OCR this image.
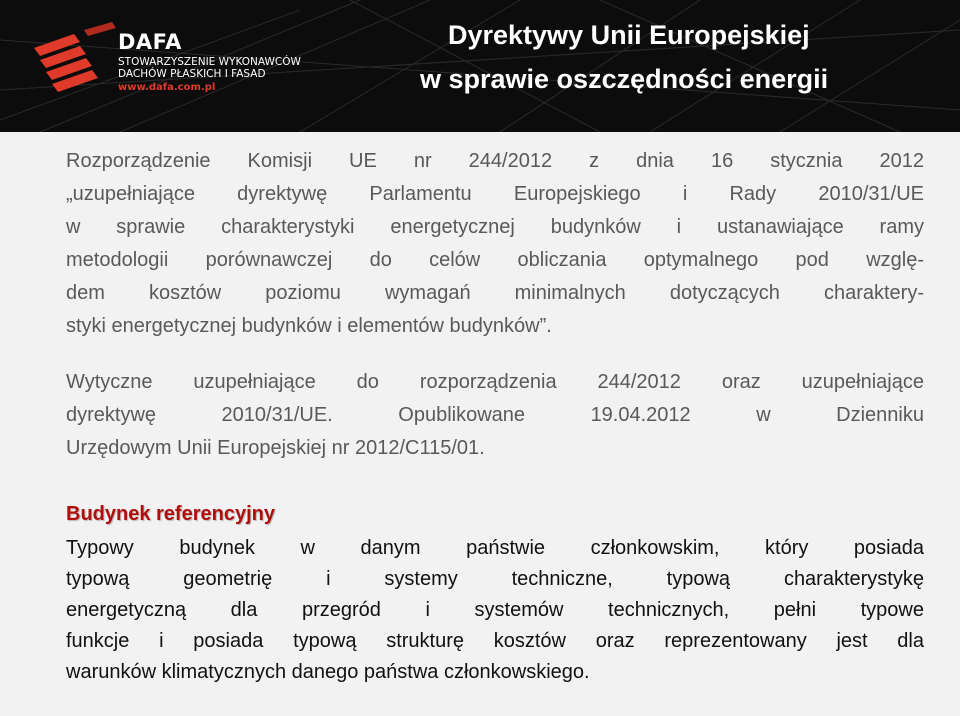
DAFA
STOWARZYSZENIE WYKONAWCÓW
DACHÓW PŁASKICH I FASAD
www.dafa.com.pl
Dyrektywy Unii Europejskiej
w sprawie oszczędności energii
Rozporządzenie Komisji UE nr 244/2012 z dnia 16 stycznia 2012
„uzupełniające dyrektywę Parlamentu Europejskiego i Rady 2010/31/UE
w sprawie charakterystyki energetycznej budynków i ustanawiające ramy
metodologii porównawczej do celów obliczania optymalnego pod wzglę-
dem kosztów poziomu wymagań minimalnych dotyczących charaktery-
styki energetycznej budynków i elementów budynków”.
Wytyczne uzupełniające do rozporządzenia 244/2012 oraz uzupełniające
dyrektywę 2010/31/UE. Opublikowane 19.04.2012 w Dzienniku
Urzędowym Unii Europejskiej nr 2012/C115/01.
Budynek referencyjny
Typowy budynek w danym państwie członkowskim, który posiada
typową geometrię i systemy techniczne, typową charakterystykę
energetyczną dla przegród i systemów technicznych, pełni typowe
funkcje i posiada typową strukturę kosztów oraz reprezentowany jest dla
warunków klimatycznych danego państwa członkowskiego.
